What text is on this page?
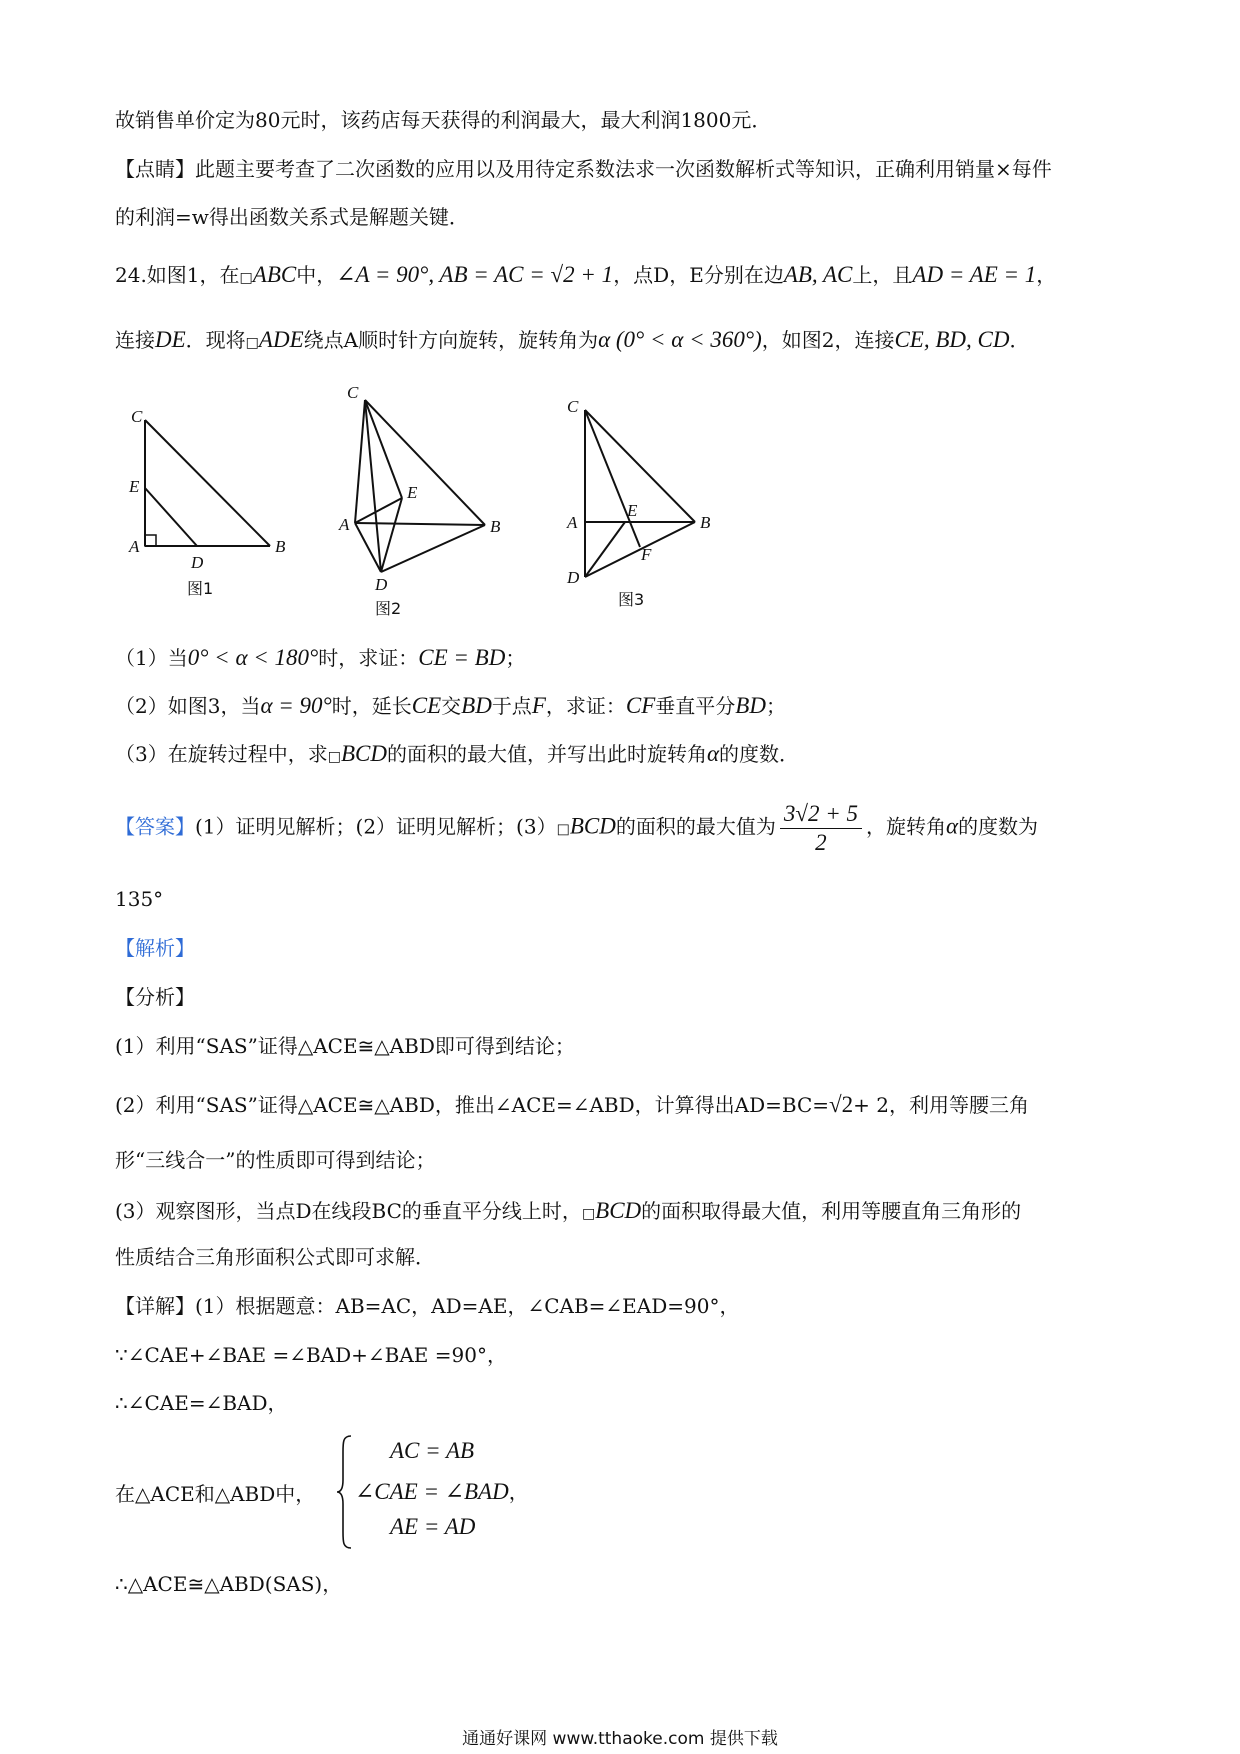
故销售单价定为80元时，该药店每天获得的利润最大，最大利润1800元．
【点睛】此题主要考查了二次函数的应用以及用待定系数法求一次函数解析式等知识，正确利用销量×每件
的利润=w得出函数关系式是解题关键．
24.如图1，在□ABC中，∠A = 90°, AB = AC = √2 + 1，点D，E分别在边AB, AC上，且AD = AE = 1，
连接DE．现将□ADE绕点A顺时针方向旋转，旋转角为α (0° < α < 360°)，如图2，连接CE, BD, CD．
C
E
A
D
B
图1
C
E
A
D
B
图2
C
E
A
D
B
F
图3
（1）当0° < α < 180°时，求证：CE = BD；
（2）如图3，当α = 90°时，延长CE交BD于点F，求证：CF垂直平分BD；
（3）在旋转过程中，求□BCD的面积的最大值，并写出此时旋转角α的度数．
【答案】(1）证明见解析；(2）证明见解析；(3）□BCD的面积的最大值为 $\frac{3√2 + 5}{2}$ ，旋转角α的度数为
135°
【解析】
【分析】
(1）利用“SAS”证得△ACE≅△ABD即可得到结论；
(2）利用“SAS”证得△ACE≅△ABD，推出∠ACE=∠ABD，计算得出AD=BC=√2+ 2，利用等腰三角
形“三线合一”的性质即可得到结论；
(3）观察图形，当点D在线段BC的垂直平分线上时，□BCD的面积取得最大值，利用等腰直角三角形的
性质结合三角形面积公式即可求解．
【详解】(1）根据题意：AB=AC，AD=AE，∠CAB=∠EAD=90°，
∵∠CAE+∠BAE =∠BAD+∠BAE =90°，
∴∠CAE=∠BAD，
在△ACE和△ABD中，
AC = AB
∠CAE = ∠BAD，
AE = AD
∴△ACE≅△ABD(SAS)，
通通好课网 www.tthaoke.com 提供下载
